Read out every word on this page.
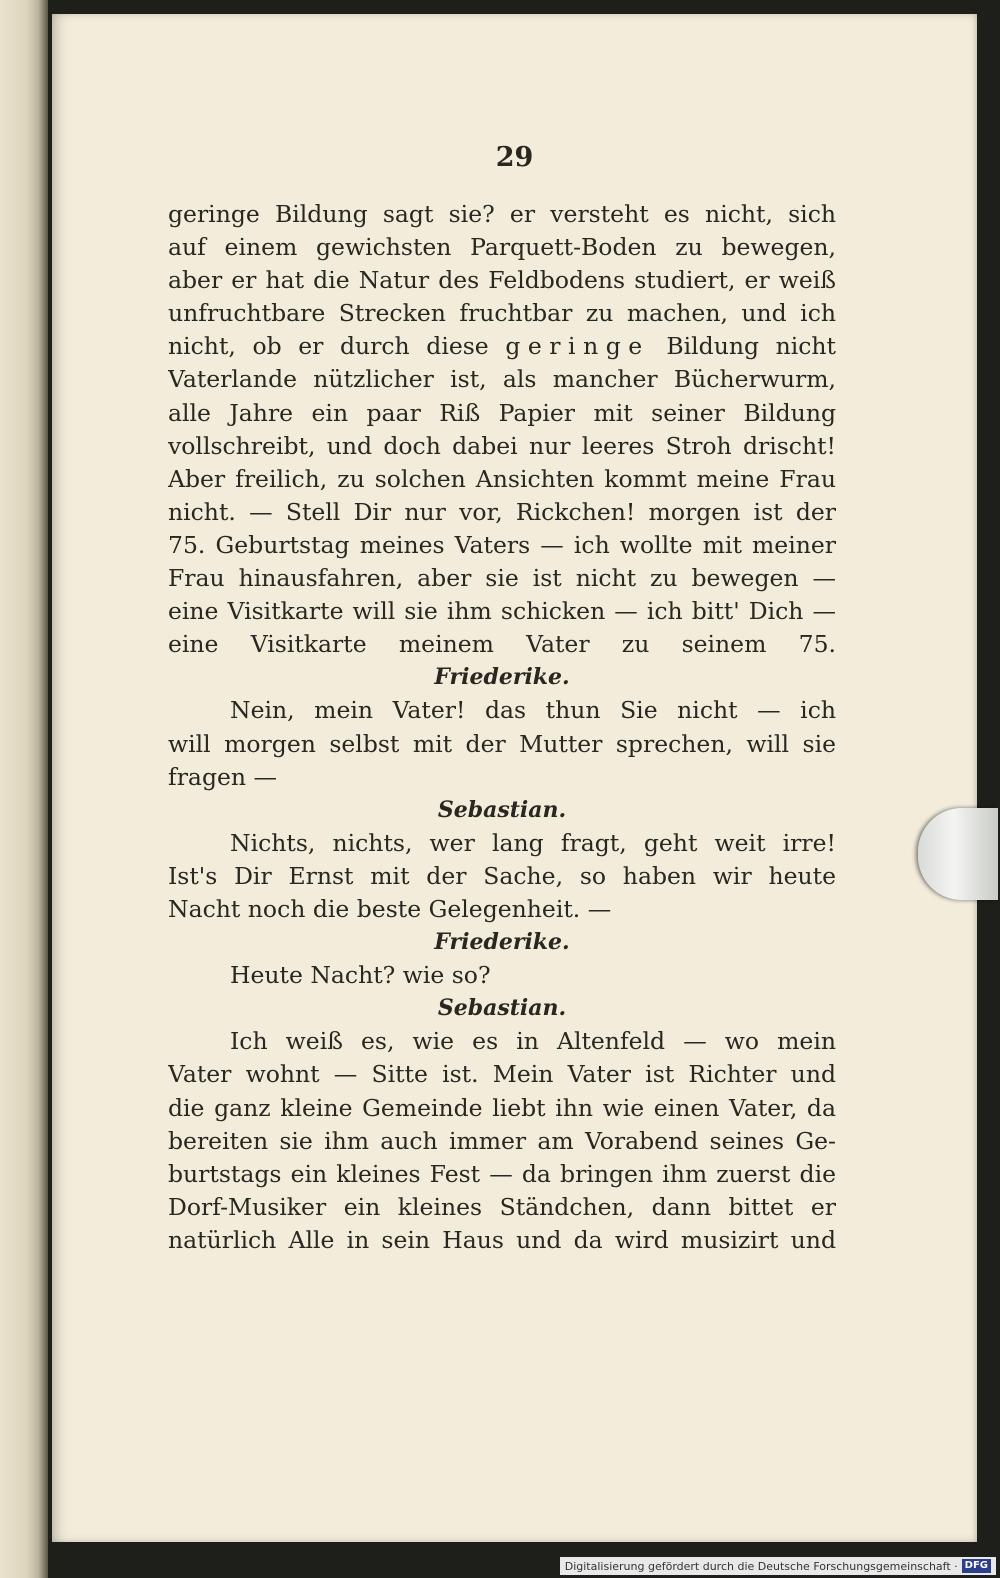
29
geringe Bildung sagt sie? er versteht es nicht, sich
auf einem gewichsten Parquett-Boden zu bewegen,
aber er hat die Natur des Feldbodens studiert, er weiß
unfruchtbare Strecken fruchtbar zu machen, und ich
nicht, ob er durch diese geringe Bildung nicht
Vaterlande nützlicher ist, als mancher Bücherwurm,
alle Jahre ein paar Riß Papier mit seiner Bildung
vollschreibt, und doch dabei nur leeres Stroh drischt!
Aber freilich, zu solchen Ansichten kommt meine Frau
nicht. — Stell Dir nur vor, Rickchen! morgen ist der
75. Geburtstag meines Vaters — ich wollte mit meiner
Frau hinausfahren, aber sie ist nicht zu bewegen —
eine Visitkarte will sie ihm schicken — ich bitt' Dich —
eine Visitkarte meinem Vater zu seinem 75.
Friederike.
Nein, mein Vater! das thun Sie nicht — ich
will morgen selbst mit der Mutter sprechen, will sie
fragen —
Sebastian.
Nichts, nichts, wer lang fragt, geht weit irre!
Ist's Dir Ernst mit der Sache, so haben wir heute
Nacht noch die beste Gelegenheit. —
Friederike.
Heute Nacht? wie so?
Sebastian.
Ich weiß es, wie es in Altenfeld — wo mein
Vater wohnt — Sitte ist. Mein Vater ist Richter und
die ganz kleine Gemeinde liebt ihn wie einen Vater, da
bereiten sie ihm auch immer am Vorabend seines Ge-
burtstags ein kleines Fest — da bringen ihm zuerst die
Dorf-Musiker ein kleines Ständchen, dann bittet er
natürlich Alle in sein Haus und da wird musizirt und
Digitalisierung gefördert durch die Deutsche Forschungsgemeinschaft · DFG
